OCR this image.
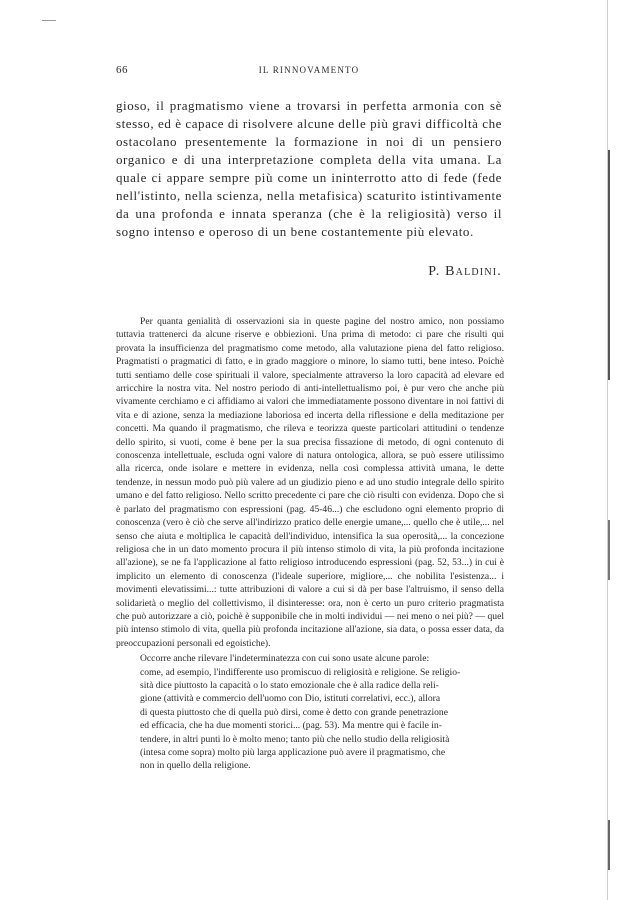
66	IL RINNOVAMENTO

gioso, il pragmatismo viene a trovarsi in perfetta armonia con sè stesso, ed è capace di risolvere alcune delle più gravi difficoltà che ostacolano presentemente la formazione in noi di un pensiero organico e di una interpretazione completa della vita umana. La quale ci appare sempre più come un ininterrotto atto di fede (fede nell'istinto, nella scienza, nella metafisica) scaturito istintivamente da una profonda e innata speranza (che è la religiosità) verso il sogno intenso e operoso di un bene costantemente più elevato.

P. Baldini.

Per quanta genialità di osservazioni sia in queste pagine del nostro amico, non possiamo tuttavia trattenerci da alcune riserve e obbiezioni. Una prima di metodo: ci pare che risulti qui provata la insufficienza del pragmatismo come metodo, alla valutazione piena del fatto religioso. Pragmatisti o pragmatici di fatto, e in grado maggiore o minore, lo siamo tutti, bene inteso. Poichè tutti sentiamo delle cose spirituali il valore, specialmente attraverso la loro capacità ad elevare ed arricchire la nostra vita. Nel nostro periodo di anti-intellettualismo poi, è pur vero che anche più vivamente cerchiamo e ci affidiamo ai valori che immediatamente possono diventare in noi fattivi di vita e di azione, senza la mediazione laboriosa ed incerta della riflessione e della meditazione per concetti. Ma quando il pragmatismo, che rileva e teorizza queste particolari attitudini o tendenze dello spirito, si vuoti, come è bene per la sua precisa fissazione di metodo, di ogni contenuto di conoscenza intellettuale, escluda ogni valore di natura ontologica, allora, se può essere utilissimo alla ricerca, onde isolare e mettere in evidenza, nella così complessa attività umana, le dette tendenze, in nessun modo può più valere ad un giudizio pieno e ad uno studio integrale dello spirito umano e del fatto religioso. Nello scritto precedente ci pare che ciò risulti con evidenza. Dopo che si è parlato del pragmatismo con espressioni (pag. 45-46...) che escludono ogni elemento proprio di conoscenza (vero è ciò che serve all'indirizzo pratico delle energie umane,... quello che è utile,... nel senso che aiuta e moltiplica le capacità dell'individuo, intensifica la sua operosità,... la concezione religiosa che in un dato momento procura il più intenso stimolo di vita, la più profonda incitazione all'azione), se ne fa l'applicazione al fatto religioso introducendo espressioni (pag. 52, 53...) in cui è implicito un elemento di conoscenza (l'ideale superiore, migliore,... che nobilita l'esistenza... i movimenti elevatissimi...: tutte attribuzioni di valore a cui si dà per base l'altruismo, il senso della solidarietà o meglio del collettivismo, il disinteresse: ora, non è certo un puro criterio pragmatista che può autorizzare a ciò, poichè è supponibile che in molti individui — nei meno o nei più? — quel più intenso stimolo di vita, quella più profonda incitazione all'azione, sia data, o possa esser data, da preoccupazioni personali ed egoistiche).

Occorre anche rilevare l'indeterminatezza con cui sono usate alcune parole:
come, ad esempio, l'indifferente uso promiscuo di religiosità e religione. Se religio-
sità dice piuttosto la capacità o lo stato emozionale che è alla radice della reli-
gione (attività e commercio dell'uomo con Dio, istituti correlativi, ecc.), allora
di questa piuttosto che di quella può dirsi, come è detto con grande penetrazione
ed efficacia, che ha due momenti storici... (pag. 53). Ma mentre qui è facile in-
tendere, in altri punti lo è molto meno; tanto più che nello studio della religiosità
(intesa come sopra) molto più larga applicazione può avere il pragmatismo, che
non in quello della religione.
